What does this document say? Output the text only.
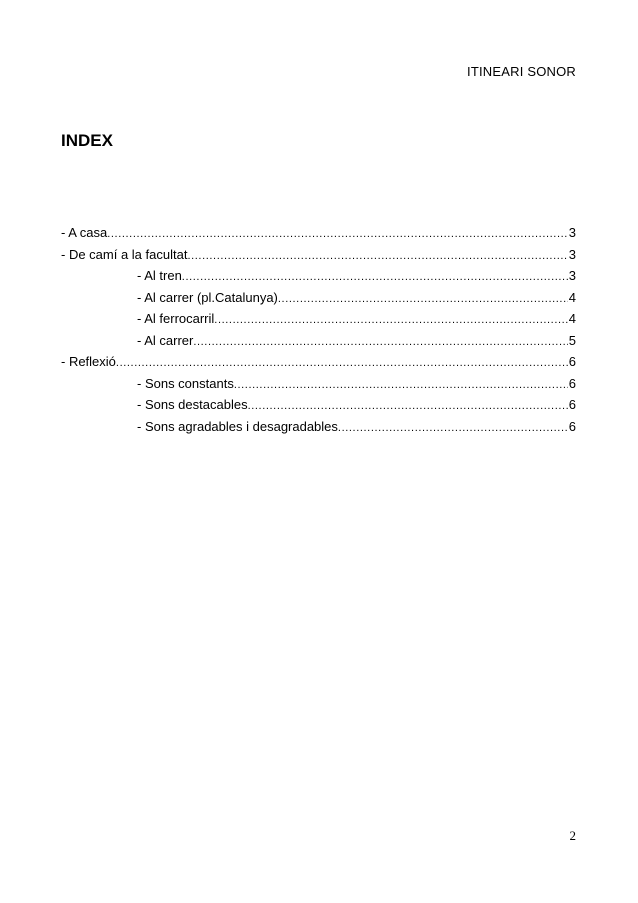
ITINEARI SONOR
INDEX
- A casa .....	3
- De camí a la facultat .....	3
- Al tren .....	3
- Al carrer (pl.Catalunya) .....	4
- Al ferrocarril .....	4
- Al carrer .....	5
- Reflexió .....	6
- Sons constants .....	6
- Sons destacables .....	6
- Sons agradables i desagradables .....	6
2
